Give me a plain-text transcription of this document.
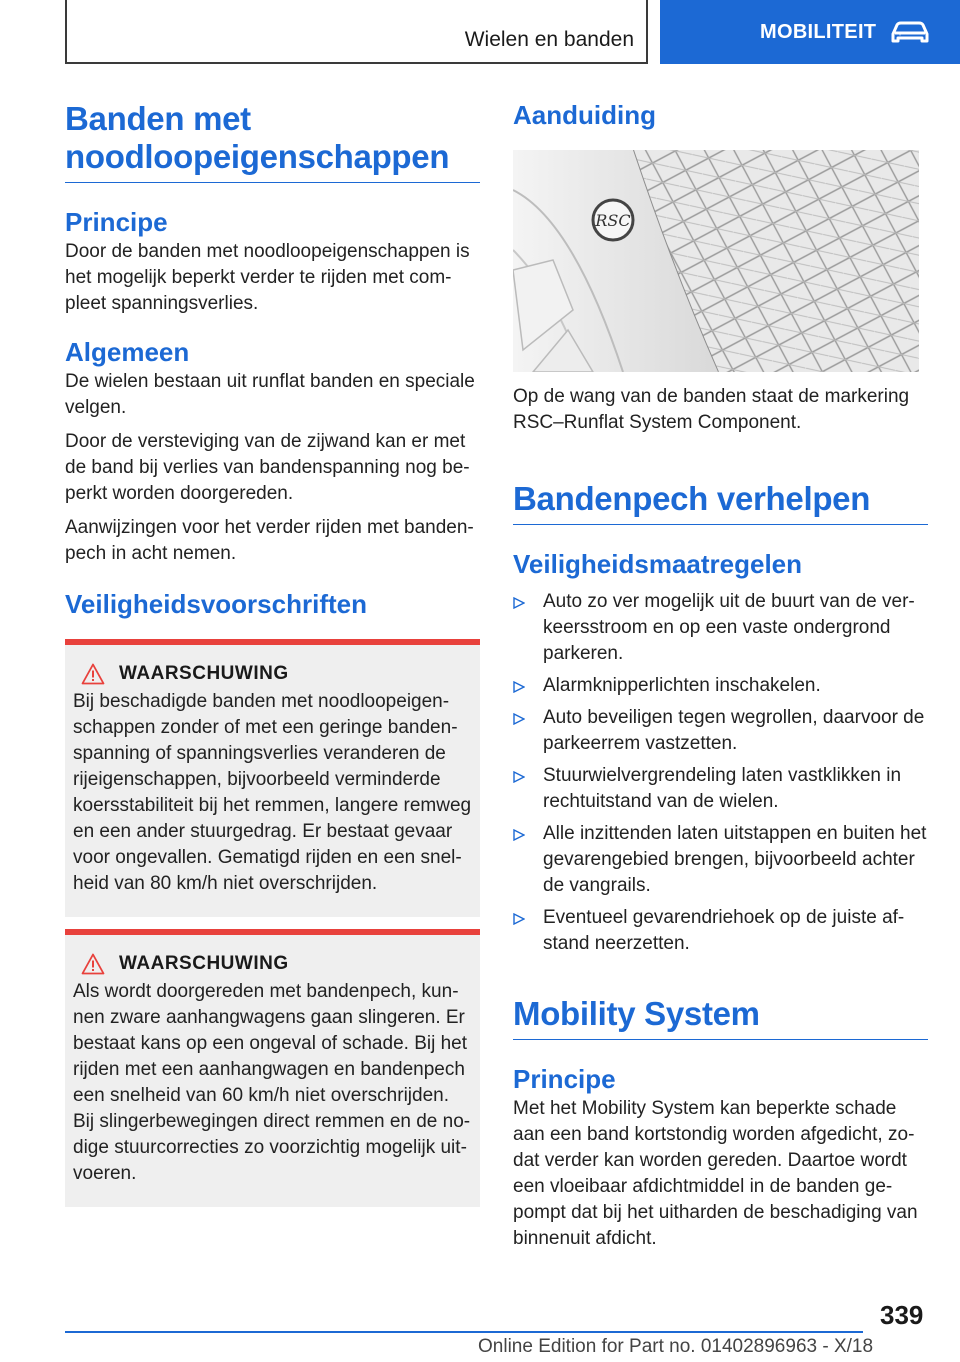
Wielen en banden	MOBILITEIT
Banden met noodloopeigenschappen
Principe

Door de banden met noodloopeigenschappen is het mogelijk beperkt verder te rijden met compleet spanningsverlies.

Algemeen

De wielen bestaan uit runflat banden en speciale velgen.

Door de versteviging van de zijwand kan er met de band bij verlies van bandenspanning nog beperkt worden doorgereden.

Aanwijzingen voor het verder rijden met bandenpech in acht nemen.

Veiligheidsvoorschriften
WAARSCHUWING

Bij beschadigde banden met noodloopeigenschappen zonder of met een geringe bandenspanning of spanningsverlies veranderen de rijeigenschappen, bijvoorbeeld verminderde koersstabiliteit bij het remmen, langere remweg en een ander stuurgedrag. Er bestaat gevaar voor ongevallen. Gematigd rijden en een snelheid van 80 km/h niet overschrijden.

WAARSCHUWING

Als wordt doorgereden met bandenpech, kunnen zware aanhangwagens gaan slingeren. Er bestaat kans op een ongeval of schade. Bij het rijden met een aanhangwagen en bandenpech een snelheid van 60 km/h niet overschrijden. Bij slingerbewegingen direct remmen en de nodige stuurcorrecties zo voorzichtig mogelijk uitvoeren.

Aanduiding
RSC

Op de wang van de banden staat de markering RSC–Runflat System Component.

Bandenpech verhelpen
Veiligheidsmaatregelen
Auto zo ver mogelijk uit de buurt van de verkeersstroom en op een vaste ondergrond parkeren.
Alarmknipperlichten inschakelen.
Auto beveiligen tegen wegrollen, daarvoor de parkeerrem vastzetten.
Stuurwielvergrendeling laten vastklikken in rechtuitstand van de wielen.
Alle inzittenden laten uitstappen en buiten het gevarengebied brengen, bijvoorbeeld achter de vangrails.
Eventueel gevarendriehoek op de juiste afstand neerzetten.
Mobility System
Principe

Met het Mobility System kan beperkte schade aan een band kortstondig worden afgedicht, zodat verder kan worden gereden. Daartoe wordt een vloeibaar afdichtmiddel in de banden gepompt dat bij het uitharden de beschadiging van binnenuit afdicht.

339
Online Edition for Part no. 01402896963 - X/18
